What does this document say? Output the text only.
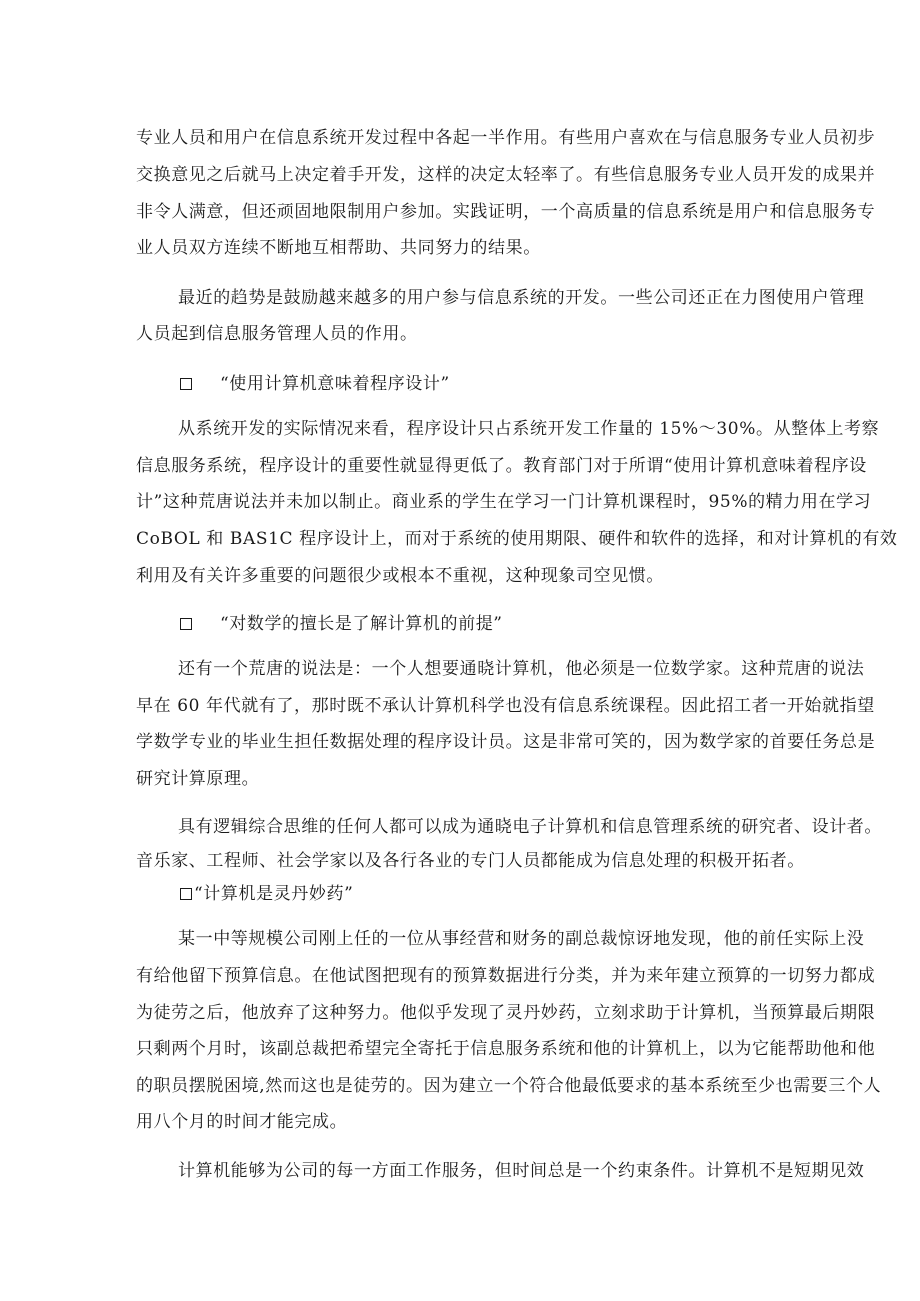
专业人员和用户在信息系统开发过程中各起一半作用。有些用户喜欢在与信息服务专业人员初步
交换意见之后就马上决定着手开发，这样的决定太轻率了。有些信息服务专业人员开发的成果并
非令人满意，但还顽固地限制用户参加。实践证明，一个高质量的信息系统是用户和信息服务专
业人员双方连续不断地互相帮助、共同努力的结果。
最近的趋势是鼓励越来越多的用户参与信息系统的开发。一些公司还正在力图使用户管理
人员起到信息服务管理人员的作用。
“使用计算机意味着程序设计”
从系统开发的实际情况来看，程序设计只占系统开发工作量的 15%～30%。从整体上考察
信息服务系统，程序设计的重要性就显得更低了。教育部门对于所谓“使用计算机意味着程序设
计”这种荒唐说法并未加以制止。商业系的学生在学习一门计算机课程时，95%的精力用在学习
CoBOL 和 BAS1C 程序设计上，而对于系统的使用期限、硬件和软件的选择，和对计算机的有效
利用及有关许多重要的问题很少或根本不重视，这种现象司空见惯。
“对数学的擅长是了解计算机的前提”
还有一个荒唐的说法是：一个人想要通晓计算机，他必须是一位数学家。这种荒唐的说法
早在 60 年代就有了，那时既不承认计算机科学也没有信息系统课程。因此招工者一开始就指望
学数学专业的毕业生担任数据处理的程序设计员。这是非常可笑的，因为数学家的首要任务总是
研究计算原理。
具有逻辑综合思维的任何人都可以成为通晓电子计算机和信息管理系统的研究者、设计者。
音乐家、工程师、社会学家以及各行各业的专门人员都能成为信息处理的积极开拓者。
“计算机是灵丹妙药”
某一中等规模公司刚上任的一位从事经营和财务的副总裁惊讶地发现，他的前任实际上没
有给他留下预算信息。在他试图把现有的预算数据进行分类，并为来年建立预算的一切努力都成
为徒劳之后，他放弃了这种努力。他似乎发现了灵丹妙药，立刻求助于计算机，当预算最后期限
只剩两个月时，该副总裁把希望完全寄托于信息服务系统和他的计算机上，以为它能帮助他和他
的职员摆脱困境,然而这也是徒劳的。因为建立一个符合他最低要求的基本系统至少也需要三个人
用八个月的时间才能完成。
计算机能够为公司的每一方面工作服务，但时间总是一个约束条件。计算机不是短期见效
